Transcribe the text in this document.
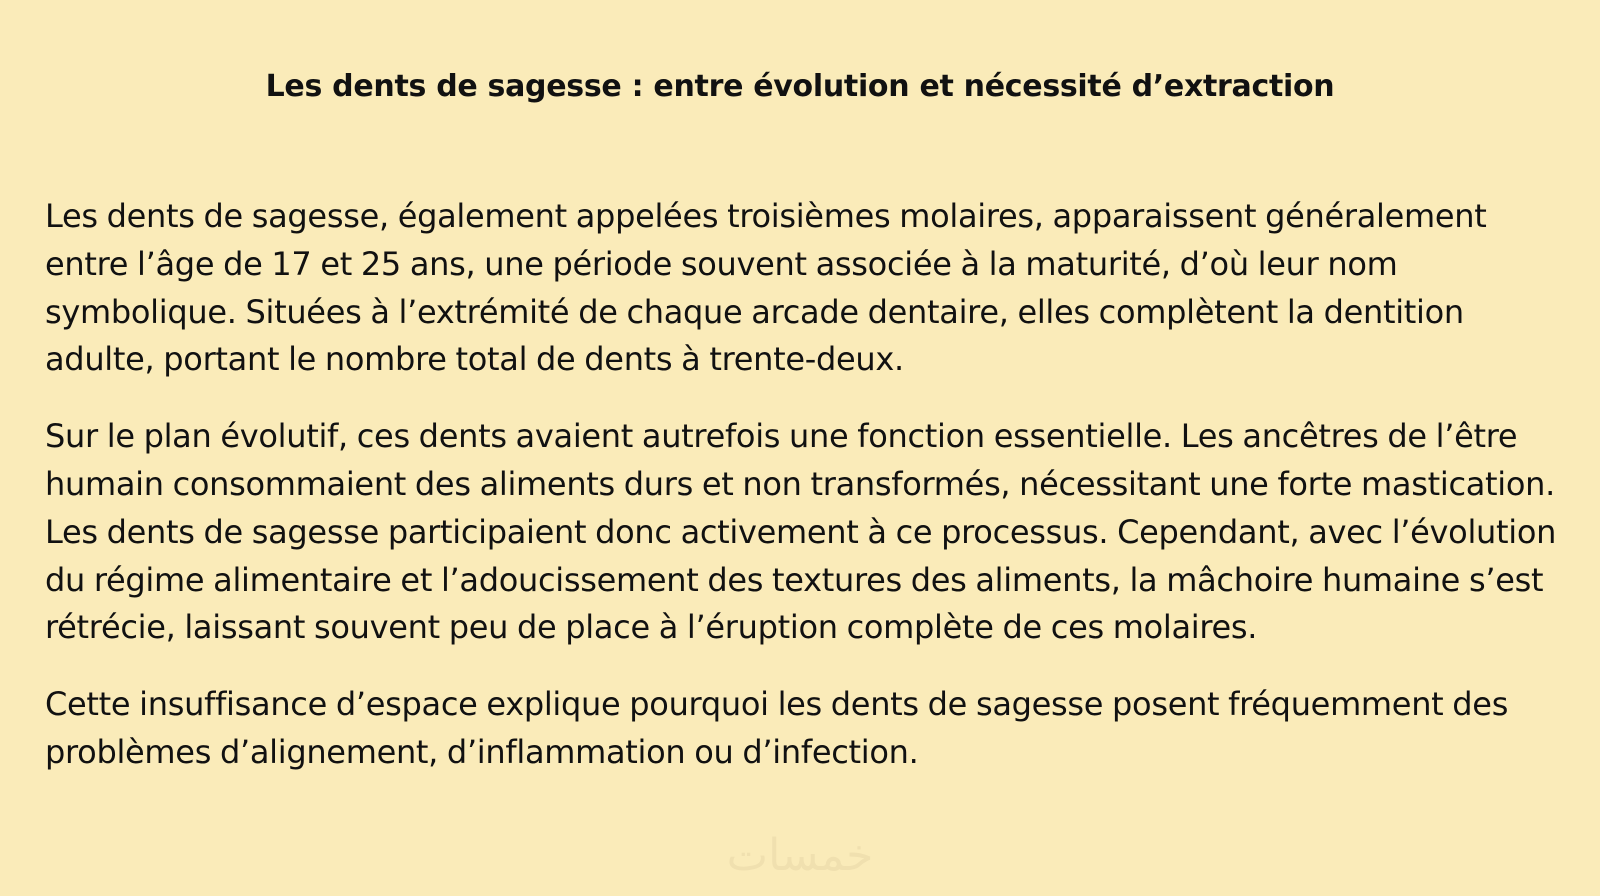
Les dents de sagesse : entre évolution et nécessité d’extraction

Les dents de sagesse, également appelées troisièmes molaires, apparaissent généralement entre l’âge de 17 et 25 ans, une période souvent associée à la maturité, d’où leur nom symbolique. Situées à l’extrémité de chaque arcade dentaire, elles complètent la dentition adulte, portant le nombre total de dents à trente-deux.

Sur le plan évolutif, ces dents avaient autrefois une fonction essentielle. Les ancêtres de l’être humain consommaient des aliments durs et non transformés, nécessitant une forte mastication. Les dents de sagesse participaient donc activement à ce processus. Cependant, avec l’évolution du régime alimentaire et l’adoucissement des textures des aliments, la mâchoire humaine s’est rétrécie, laissant souvent peu de place à l’éruption complète de ces molaires.

Cette insuffisance d’espace explique pourquoi les dents de sagesse posent fréquemment des problèmes d’alignement, d’inflammation ou d’infection.

خمسات
